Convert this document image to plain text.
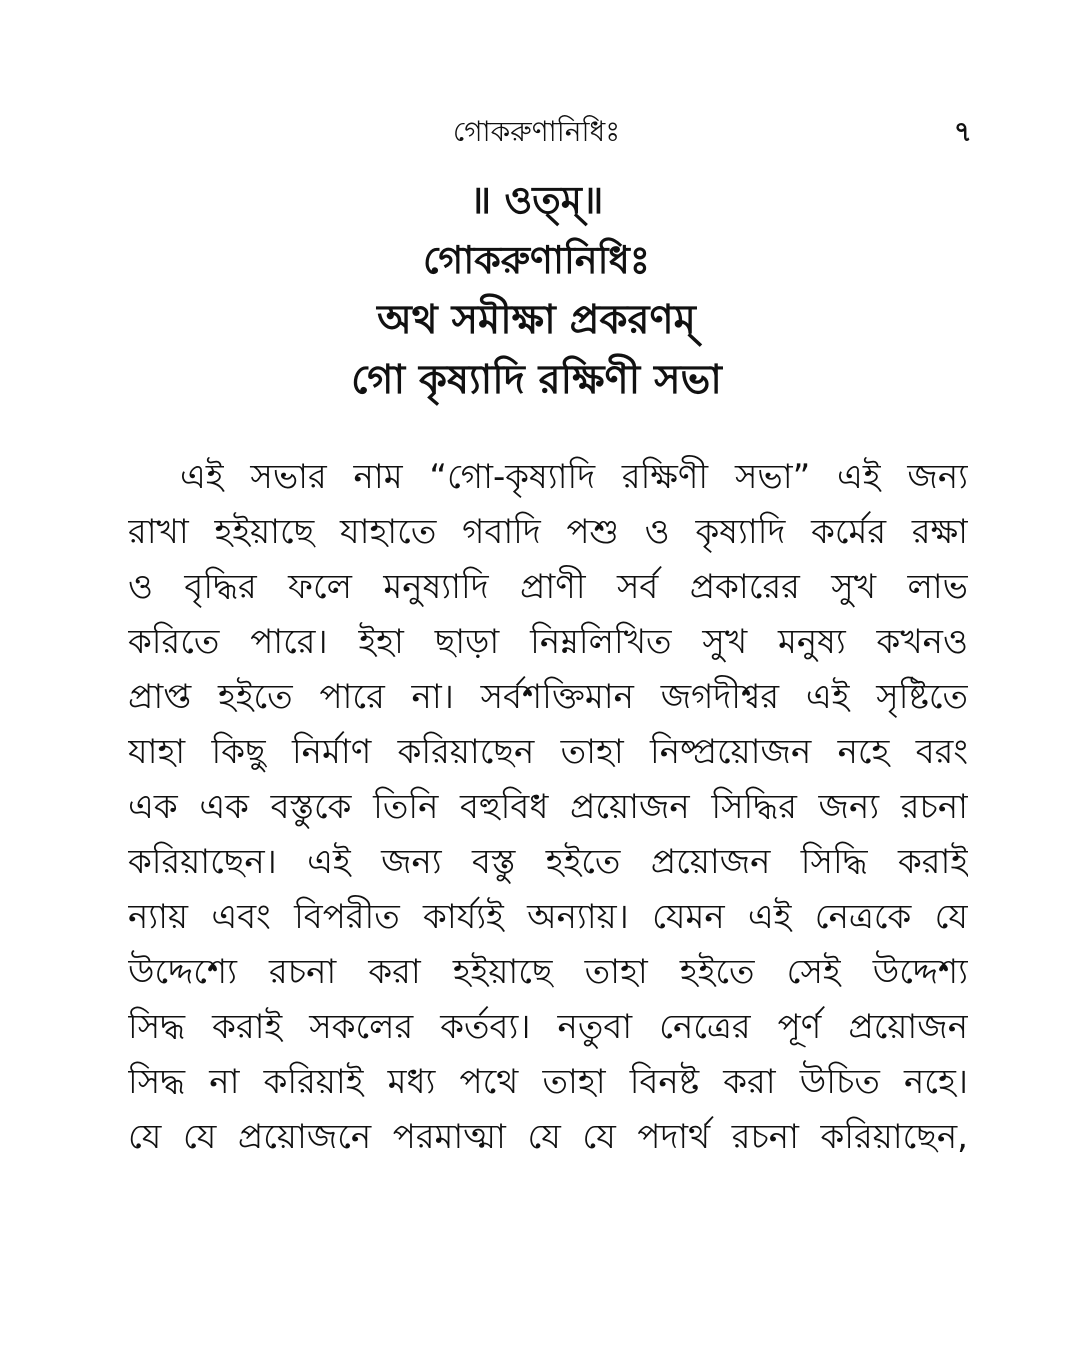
গোকরুণানিধিঃ	৭
॥ ওত্ম্॥
গোকরুণানিধিঃ
অথ সমীক্ষা প্রকরণম্
গো কৃষ্যাদি রক্ষিণী সভা
এই সভার নাম “গো-কৃষ্যাদি রক্ষিণী সভা” এই জন্য
রাখা হইয়াছে যাহাতে গবাদি পশু ও কৃষ্যাদি কর্মের রক্ষা
ও বৃদ্ধির ফলে মনুষ্যাদি প্রাণী সর্ব প্রকারের সুখ লাভ
করিতে পারে। ইহা ছাড়া নিম্নলিখিত সুখ মনুষ্য কখনও
প্রাপ্ত হইতে পারে না। সর্বশক্তিমান জগদীশ্বর এই সৃষ্টিতে
যাহা কিছু নির্মাণ করিয়াছেন তাহা নিষ্প্রয়োজন নহে বরং
এক এক বস্তুকে তিনি বহুবিধ প্রয়োজন সিদ্ধির জন্য রচনা
করিয়াছেন। এই জন্য বস্তু হইতে প্রয়োজন সিদ্ধি করাই
ন্যায় এবং বিপরীত কার্য্যই অন্যায়। যেমন এই নেত্রকে যে
উদ্দেশ্যে রচনা করা হইয়াছে তাহা হইতে সেই উদ্দেশ্য
সিদ্ধ করাই সকলের কর্তব্য। নতুবা নেত্রের পূর্ণ প্রয়োজন
সিদ্ধ না করিয়াই মধ্য পথে তাহা বিনষ্ট করা উচিত নহে।
যে যে প্রয়োজনে পরমাত্মা যে যে পদার্থ রচনা করিয়াছেন,
